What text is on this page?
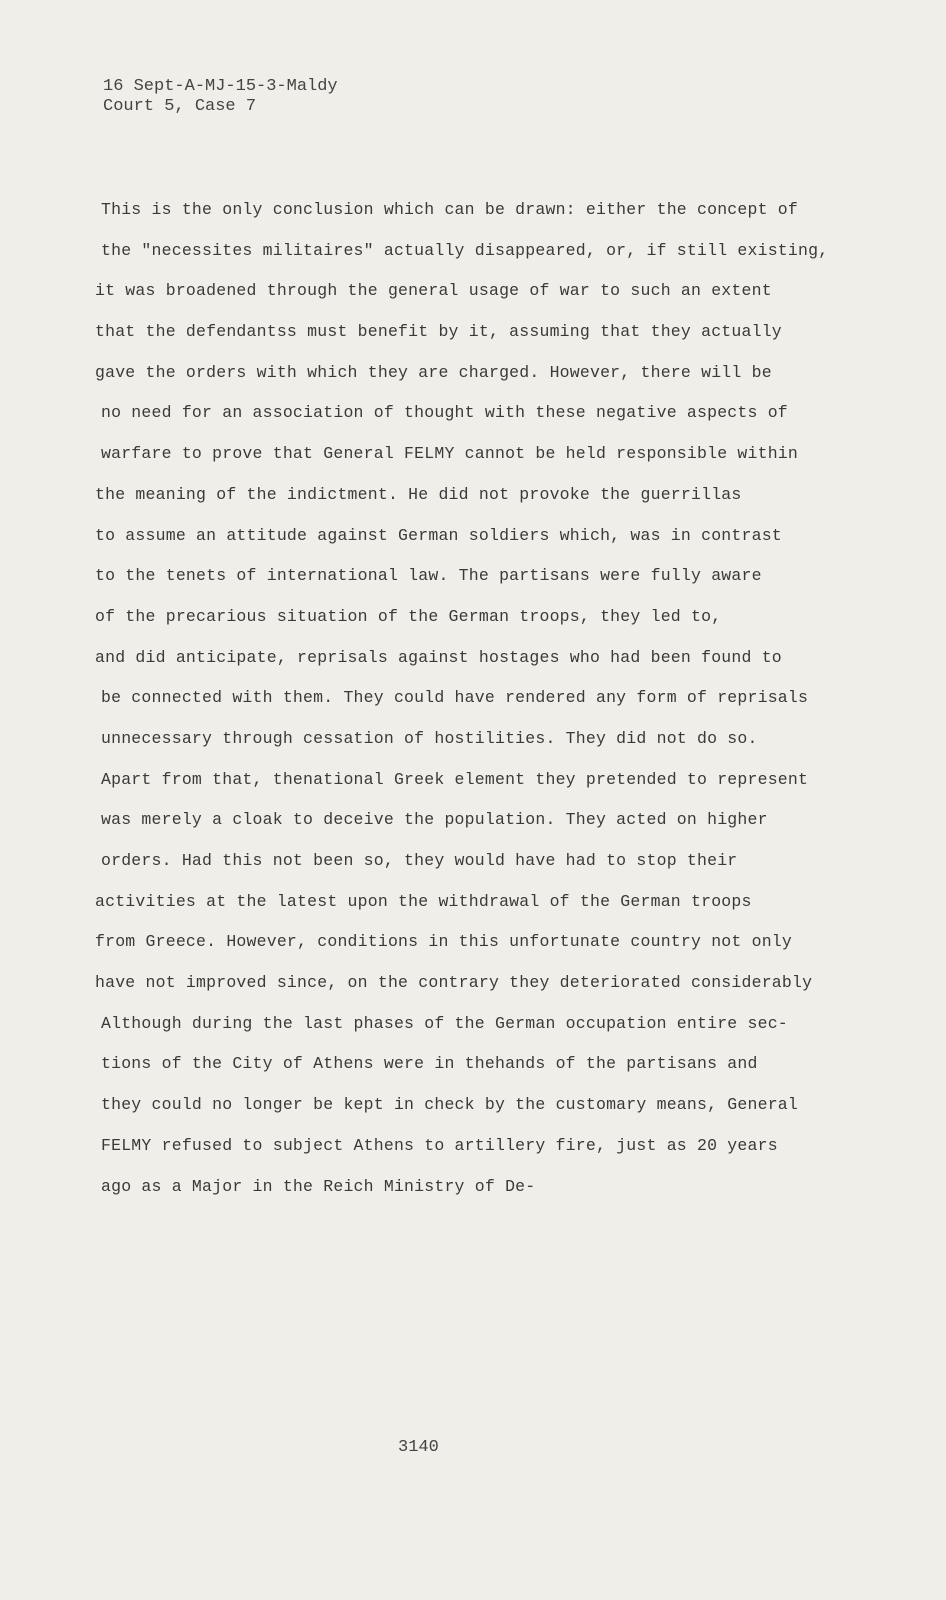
16 Sept-A-MJ-15-3-Maldy
Court 5, Case 7
This is the only conclusion which can be drawn: either the concept of
the "necessites militaires" actually disappeared, or, if still existing,
it was broadened through the general usage of war to such an extent
that the defendantss must benefit by it, assuming that they actually
gave the orders with which they are charged. However, there will be
no need for an association of thought with these negative aspects of
warfare to prove that General FELMY cannot be held responsible within
the meaning of the indictment. He did not provoke the guerrillas
to assume an attitude against German soldiers which, was in contrast
to the tenets of international law. The partisans were fully aware
of the precarious situation of the German troops, they led to,
and did anticipate, reprisals against hostages who had been found to
be connected with them. They could have rendered any form of reprisals
unnecessary through cessation of hostilities. They did not do so.
Apart from that, thenational Greek element they pretended to represent
was merely a cloak to deceive the population. They acted on higher
orders. Had this not been so, they would have had to stop their
activities at the latest upon the withdrawal of the German troops
from Greece. However, conditions in this unfortunate country not only
have not improved since, on the contrary they deteriorated considerably
Although during the last phases of the German occupation entire sec-
tions of the City of Athens were in thehands of the partisans and
they could no longer be kept in check by the customary means, General
FELMY refused to subject Athens to artillery fire, just as 20 years
ago as a Major in the Reich Ministry of De-
3140
